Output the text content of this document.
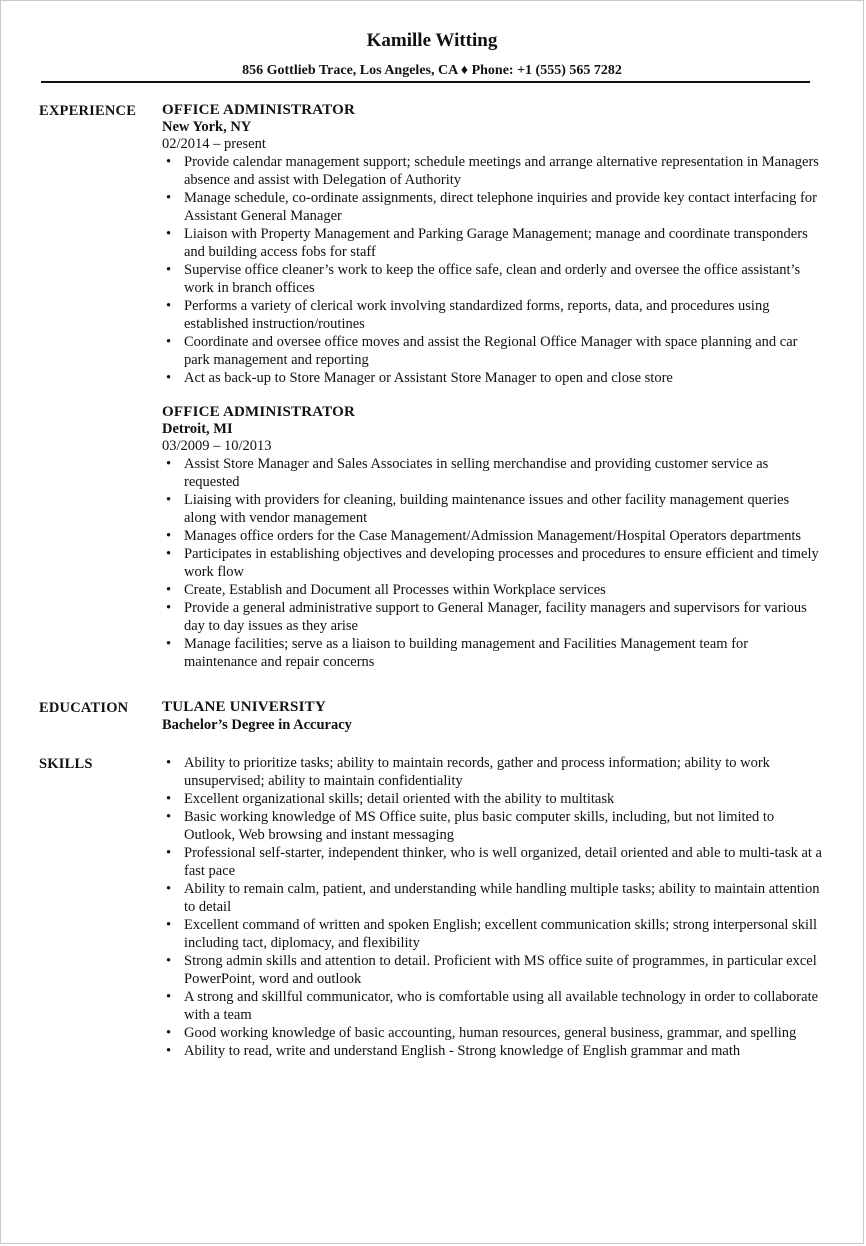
Kamille Witting
856 Gottlieb Trace, Los Angeles, CA ♦ Phone: +1 (555) 565 7282
EXPERIENCE OFFICE ADMINISTRATOR
New York, NY
02/2014 – present
• Provide calendar management support; schedule meetings and arrange alternative representation in Managers absence and assist with Delegation of Authority
• Manage schedule, co-ordinate assignments, direct telephone inquiries and provide key contact interfacing for Assistant General Manager
• Liaison with Property Management and Parking Garage Management; manage and coordinate transponders and building access fobs for staff
• Supervise office cleaner’s work to keep the office safe, clean and orderly and oversee the office assistant’s work in branch offices
• Performs a variety of clerical work involving standardized forms, reports, data, and procedures using established instruction/routines
• Coordinate and oversee office moves and assist the Regional Office Manager with space planning and car park management and reporting
• Act as back-up to Store Manager or Assistant Store Manager to open and close store
OFFICE ADMINISTRATOR
Detroit, MI
03/2009 – 10/2013
• Assist Store Manager and Sales Associates in selling merchandise and providing customer service as requested
• Liaising with providers for cleaning, building maintenance issues and other facility management queries along with vendor management
• Manages office orders for the Case Management/Admission Management/Hospital Operators departments
• Participates in establishing objectives and developing processes and procedures to ensure efficient and timely work flow
• Create, Establish and Document all Processes within Workplace services
• Provide a general administrative support to General Manager, facility managers and supervisors for various day to day issues as they arise
• Manage facilities; serve as a liaison to building management and Facilities Management team for maintenance and repair concerns
EDUCATION TULANE UNIVERSITY
Bachelor’s Degree in Accuracy
SKILLS
•	Ability to prioritize tasks; ability to maintain records, gather and process information; ability to work unsupervised; ability to maintain confidentiality
• Excellent organizational skills; detail oriented with the ability to multitask
• Basic working knowledge of MS Office suite, plus basic computer skills, including, but not limited to Outlook, Web browsing and instant messaging
• Professional self-starter, independent thinker, who is well organized, detail oriented and able to multi-task at a fast pace
• Ability to remain calm, patient, and understanding while handling multiple tasks; ability to maintain attention to detail
• Excellent command of written and spoken English; excellent communication skills; strong interpersonal skill including tact, diplomacy, and flexibility
• Strong admin skills and attention to detail. Proficient with MS office suite of programmes, in particular excel PowerPoint, word and outlook
• A strong and skillful communicator, who is comfortable using all available technology in order to collaborate with a team
• Good working knowledge of basic accounting, human resources, general business, grammar, and spelling
• Ability to read, write and understand English - Strong knowledge of English grammar and math
